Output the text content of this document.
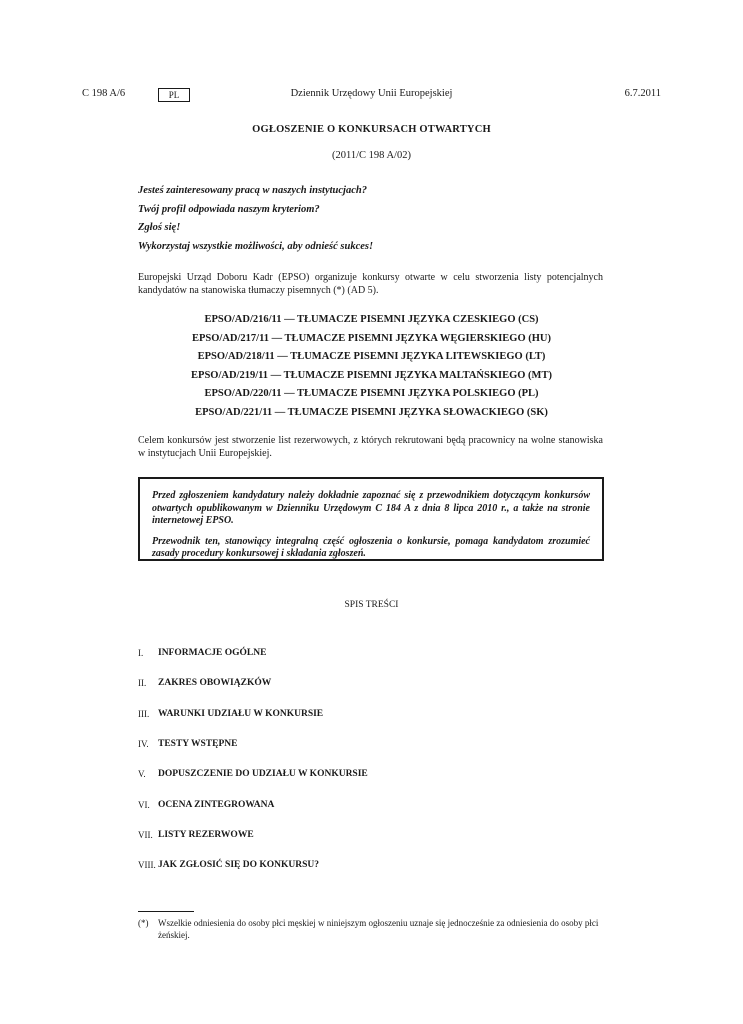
C 198 A/6	PL	Dziennik Urzędowy Unii Europejskiej	6.7.2011
OGŁOSZENIE O KONKURSACH OTWARTYCH
(2011/C 198 A/02)
Jesteś zainteresowany pracą w naszych instytucjach?
Twój profil odpowiada naszym kryteriom?
Zgłoś się!
Wykorzystaj wszystkie możliwości, aby odnieść sukces!
Europejski Urząd Doboru Kadr (EPSO) organizuje konkursy otwarte w celu stworzenia listy potencjalnych kandydatów na stanowiska tłumaczy pisemnych (*) (AD 5).
EPSO/AD/216/11 — TŁUMACZE PISEMNI JĘZYKA CZESKIEGO (CS)
EPSO/AD/217/11 — TŁUMACZE PISEMNI JĘZYKA WĘGIERSKIEGO (HU)
EPSO/AD/218/11 — TŁUMACZE PISEMNI JĘZYKA LITEWSKIEGO (LT)
EPSO/AD/219/11 — TŁUMACZE PISEMNI JĘZYKA MALTAŃSKIEGO (MT)
EPSO/AD/220/11 — TŁUMACZE PISEMNI JĘZYKA POLSKIEGO (PL)
EPSO/AD/221/11 — TŁUMACZE PISEMNI JĘZYKA SŁOWACKIEGO (SK)
Celem konkursów jest stworzenie list rezerwowych, z których rekrutowani będą pracownicy na wolne stanowiska w instytucjach Unii Europejskiej.

Przed zgłoszeniem kandydatury należy dokładnie zapoznać się z przewodnikiem dotyczącym konkursów otwartych opublikowanym w Dzienniku Urzędowym C 184 A z dnia 8 lipca 2010 r., a także na stronie internetowej EPSO.

Przewodnik ten, stanowiący integralną część ogłoszenia o konkursie, pomaga kandydatom zrozumieć zasady procedury konkursowej i składania zgłoszeń.

SPIS TREŚCI
I. INFORMACJE OGÓLNE
II. ZAKRES OBOWIĄZKÓW
III. WARUNKI UDZIAŁU W KONKURSIE
IV. TESTY WSTĘPNE
V. DOPUSZCZENIE DO UDZIAŁU W KONKURSIE
VI. OCENA ZINTEGROWANA
VII. LISTY REZERWOWE
VIII. JAK ZGŁOSIĆ SIĘ DO KONKURSU?
(*) Wszelkie odniesienia do osoby płci męskiej w niniejszym ogłoszeniu uznaje się jednocześnie za odniesienia do osoby płci żeńskiej.
